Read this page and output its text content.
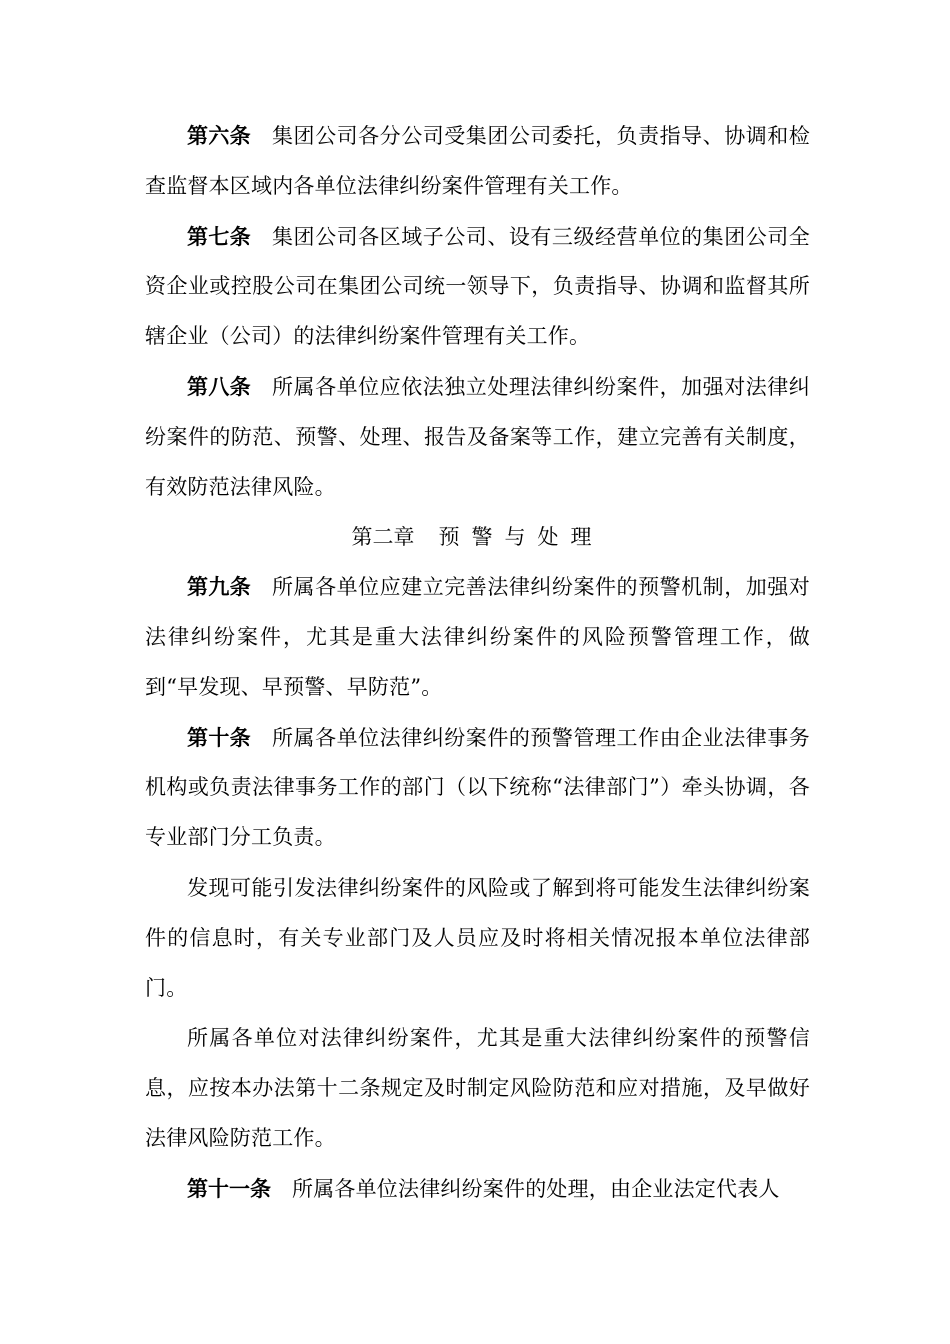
第六条 集团公司各分公司受集团公司委托，负责指导、协调和检查监督本区域内各单位法律纠纷案件管理有关工作。

第七条 集团公司各区域子公司、设有三级经营单位的集团公司全资企业或控股公司在集团公司统一领导下，负责指导、协调和监督其所辖企业（公司）的法律纠纷案件管理有关工作。

第八条 所属各单位应依法独立处理法律纠纷案件，加强对法律纠纷案件的防范、预警、处理、报告及备案等工作，建立完善有关制度，有效防范法律风险。

第二章 预警与处理

第九条 所属各单位应建立完善法律纠纷案件的预警机制，加强对法律纠纷案件，尤其是重大法律纠纷案件的风险预警管理工作，做到“早发现、早预警、早防范”。

第十条 所属各单位法律纠纷案件的预警管理工作由企业法律事务机构或负责法律事务工作的部门（以下统称“法律部门”）牵头协调，各专业部门分工负责。

发现可能引发法律纠纷案件的风险或了解到将可能发生法律纠纷案件的信息时，有关专业部门及人员应及时将相关情况报本单位法律部门。

所属各单位对法律纠纷案件，尤其是重大法律纠纷案件的预警信息，应按本办法第十二条规定及时制定风险防范和应对措施，及早做好法律风险防范工作。

第十一条 所属各单位法律纠纷案件的处理，由企业法定代表人
